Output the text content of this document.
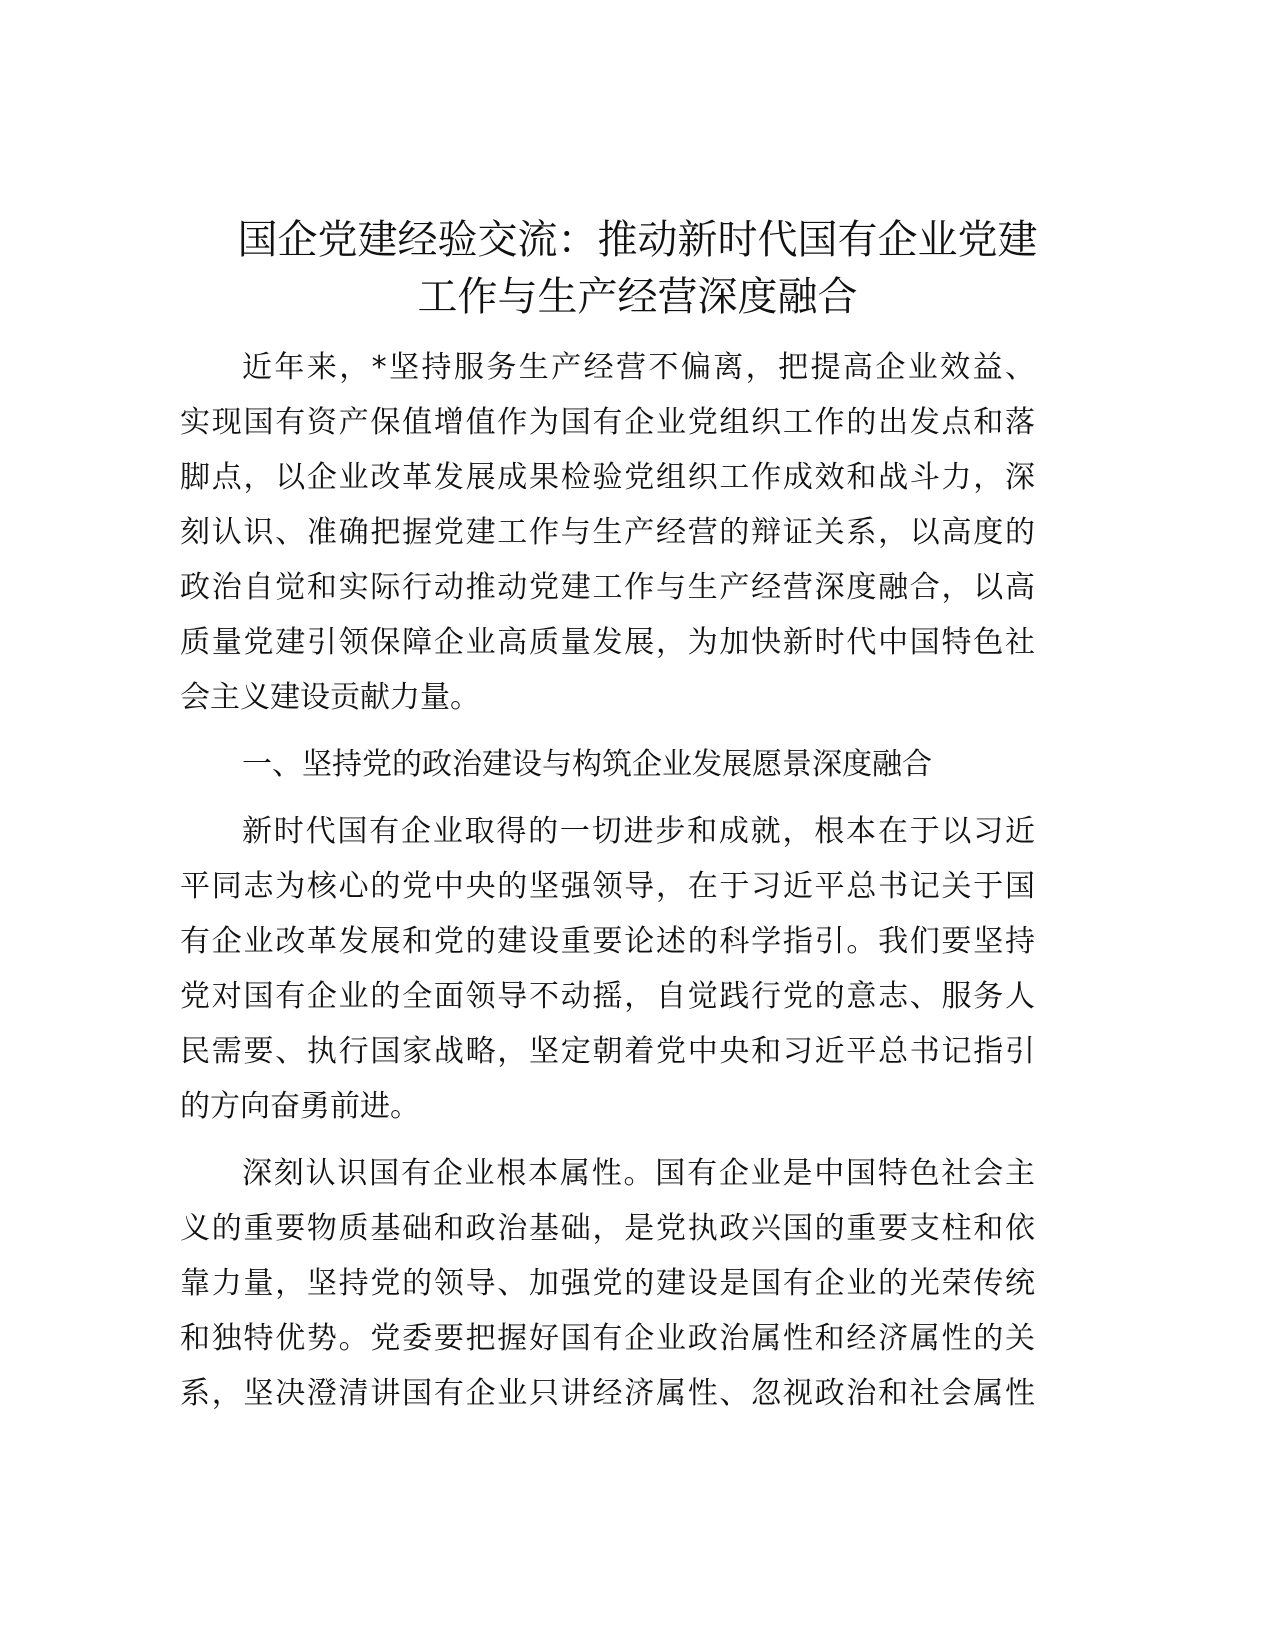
国企党建经验交流：推动新时代国有企业党建
工作与生产经营深度融合
近年来，*坚持服务生产经营不偏离，把提高企业效益、
实现国有资产保值增值作为国有企业党组织工作的出发点和落
脚点，以企业改革发展成果检验党组织工作成效和战斗力，深
刻认识、准确把握党建工作与生产经营的辩证关系，以高度的
政治自觉和实际行动推动党建工作与生产经营深度融合，以高
质量党建引领保障企业高质量发展，为加快新时代中国特色社
会主义建设贡献力量。
一、坚持党的政治建设与构筑企业发展愿景深度融合
新时代国有企业取得的一切进步和成就，根本在于以习近
平同志为核心的党中央的坚强领导，在于习近平总书记关于国
有企业改革发展和党的建设重要论述的科学指引。我们要坚持
党对国有企业的全面领导不动摇，自觉践行党的意志、服务人
民需要、执行国家战略，坚定朝着党中央和习近平总书记指引
的方向奋勇前进。
深刻认识国有企业根本属性。国有企业是中国特色社会主
义的重要物质基础和政治基础，是党执政兴国的重要支柱和依
靠力量，坚持党的领导、加强党的建设是国有企业的光荣传统
和独特优势。党委要把握好国有企业政治属性和经济属性的关
系，坚决澄清讲国有企业只讲经济属性、忽视政治和社会属性
